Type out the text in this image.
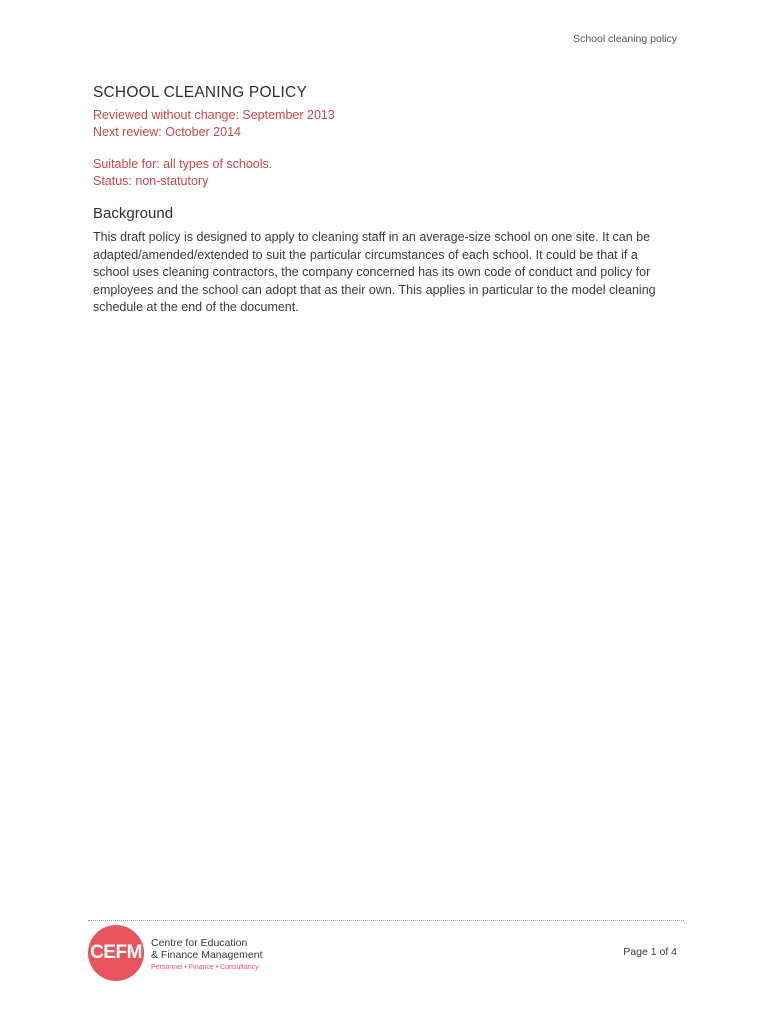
School cleaning policy
SCHOOL CLEANING POLICY
Reviewed without change: September 2013
Next review: October 2014
Suitable for: all types of schools.
Status: non-statutory
Background

This draft policy is designed to apply to cleaning staff in an average-size school on one site. It can be
adapted/amended/extended to suit the particular circumstances of each school. It could be that if a
school uses cleaning contractors, the company concerned has its own code of conduct and policy for
employees and the school can adopt that as their own. This applies in particular to the model cleaning
schedule at the end of the document.

CEFM Centre for Education
& Finance Management
Personnel • Finance • Consultancy
Page 1 of 4
